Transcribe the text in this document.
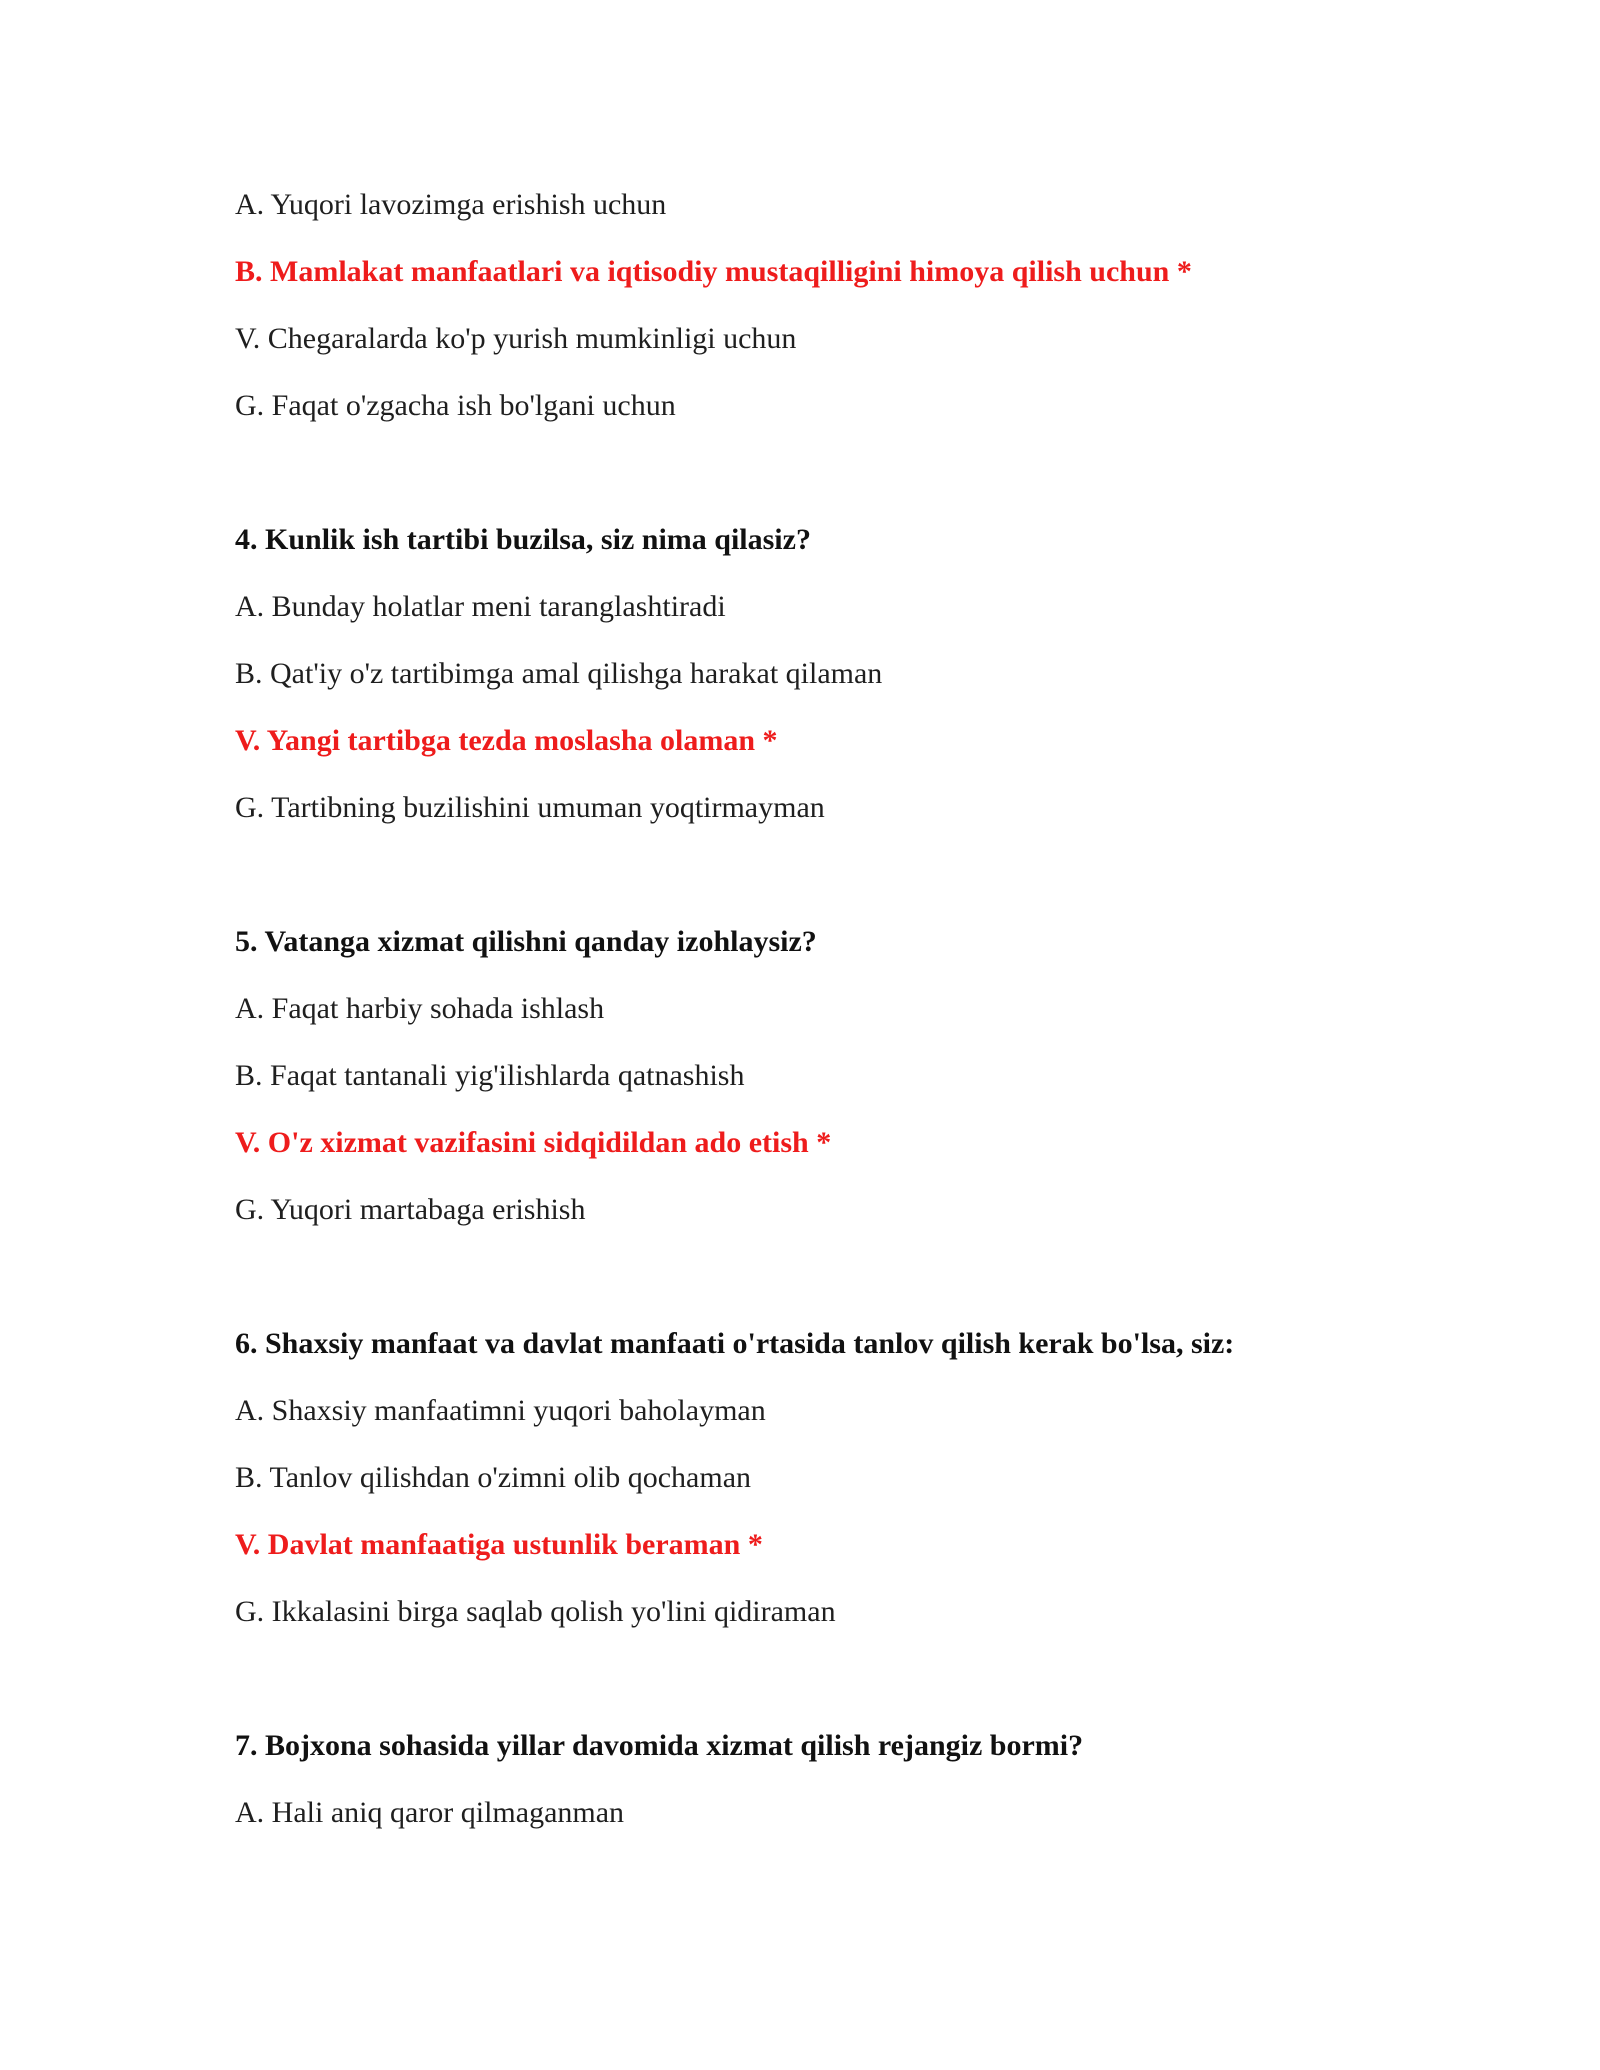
A. Yuqori lavozimga erishish uchun
B. Mamlakat manfaatlari va iqtisodiy mustaqilligini himoya qilish uchun *
V. Chegaralarda ko'p yurish mumkinligi uchun
G. Faqat o'zgacha ish bo'lgani uchun
4. Kunlik ish tartibi buzilsa, siz nima qilasiz?
A. Bunday holatlar meni taranglashtiradi
B. Qat'iy o'z tartibimga amal qilishga harakat qilaman
V. Yangi tartibga tezda moslasha olaman *
G. Tartibning buzilishini umuman yoqtirmayman
5. Vatanga xizmat qilishni qanday izohlaysiz?
A. Faqat harbiy sohada ishlash
B. Faqat tantanali yig'ilishlarda qatnashish
V. O'z xizmat vazifasini sidqidildan ado etish *
G. Yuqori martabaga erishish
6. Shaxsiy manfaat va davlat manfaati o'rtasida tanlov qilish kerak bo'lsa, siz:
A. Shaxsiy manfaatimni yuqori baholayman
B. Tanlov qilishdan o'zimni olib qochaman
V. Davlat manfaatiga ustunlik beraman *
G. Ikkalasini birga saqlab qolish yo'lini qidiraman
7. Bojxona sohasida yillar davomida xizmat qilish rejangiz bormi?
A. Hali aniq qaror qilmaganman
